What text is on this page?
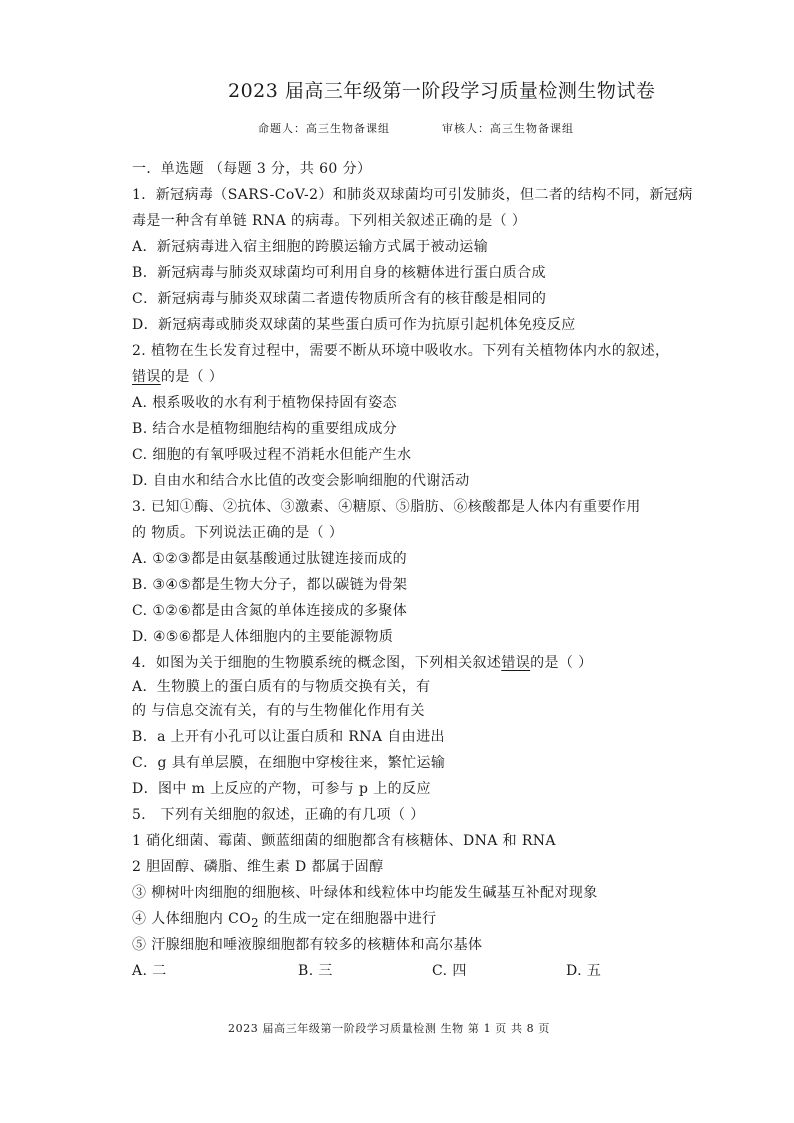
2023 届高三年级第一阶段学习质量检测生物试卷
命题人：高三生物备课组	审核人：高三生物备课组
一．单选题 （每题 3 分，共 60 分）
1．新冠病毒（SARS-CoV-2）和肺炎双球菌均可引发肺炎，但二者的结构不同，新冠病
毒是一种含有单链 RNA 的病毒。下列相关叙述正确的是（ ）
A．新冠病毒进入宿主细胞的跨膜运输方式属于被动运输
B．新冠病毒与肺炎双球菌均可利用自身的核糖体进行蛋白质合成
C．新冠病毒与肺炎双球菌二者遗传物质所含有的核苷酸是相同的
D．新冠病毒或肺炎双球菌的某些蛋白质可作为抗原引起机体免疫反应
2. 植物在生长发育过程中，需要不断从环境中吸收水。下列有关植物体内水的叙述，
错误的是（ ）
A. 根系吸收的水有利于植物保持固有姿态
B. 结合水是植物细胞结构的重要组成成分
C. 细胞的有氧呼吸过程不消耗水但能产生水
D. 自由水和结合水比值的改变会影响细胞的代谢活动
3. 已知①酶、②抗体、③激素、④糖原、⑤脂肪、⑥核酸都是人体内有重要作用
的 物质。下列说法正确的是（ ）
A. ①②③都是由氨基酸通过肽键连接而成的
B. ③④⑤都是生物大分子，都以碳链为骨架
C. ①②⑥都是由含氮的单体连接成的多聚体
D. ④⑤⑥都是人体细胞内的主要能源物质
4．如图为关于细胞的生物膜系统的概念图，下列相关叙述错误的是（ ）
A．生物膜上的蛋白质有的与物质交换有关，有
的 与信息交流有关，有的与生物催化作用有关
B．a 上开有小孔可以让蛋白质和 RNA 自由进出
C．g 具有单层膜，在细胞中穿梭往来，繁忙运输
D．图中 m 上反应的产物，可参与 p 上的反应
5． 下列有关细胞的叙述，正确的有几项（ ）
1 硝化细菌、霉菌、颤蓝细菌的细胞都含有核糖体、DNA 和 RNA
2 胆固醇、磷脂、维生素 D 都属于固醇
③ 柳树叶肉细胞的细胞核、叶绿体和线粒体中均能发生碱基互补配对现象
④ 人体细胞内 $CO_2$ 的生成一定在细胞器中进行
⑤ 汗腺细胞和唾液腺细胞都有较多的核糖体和高尔基体
A. 二	B. 三	C. 四	D. 五
2023 届高三年级第一阶段学习质量检测 生物 第 1 页 共 8 页
